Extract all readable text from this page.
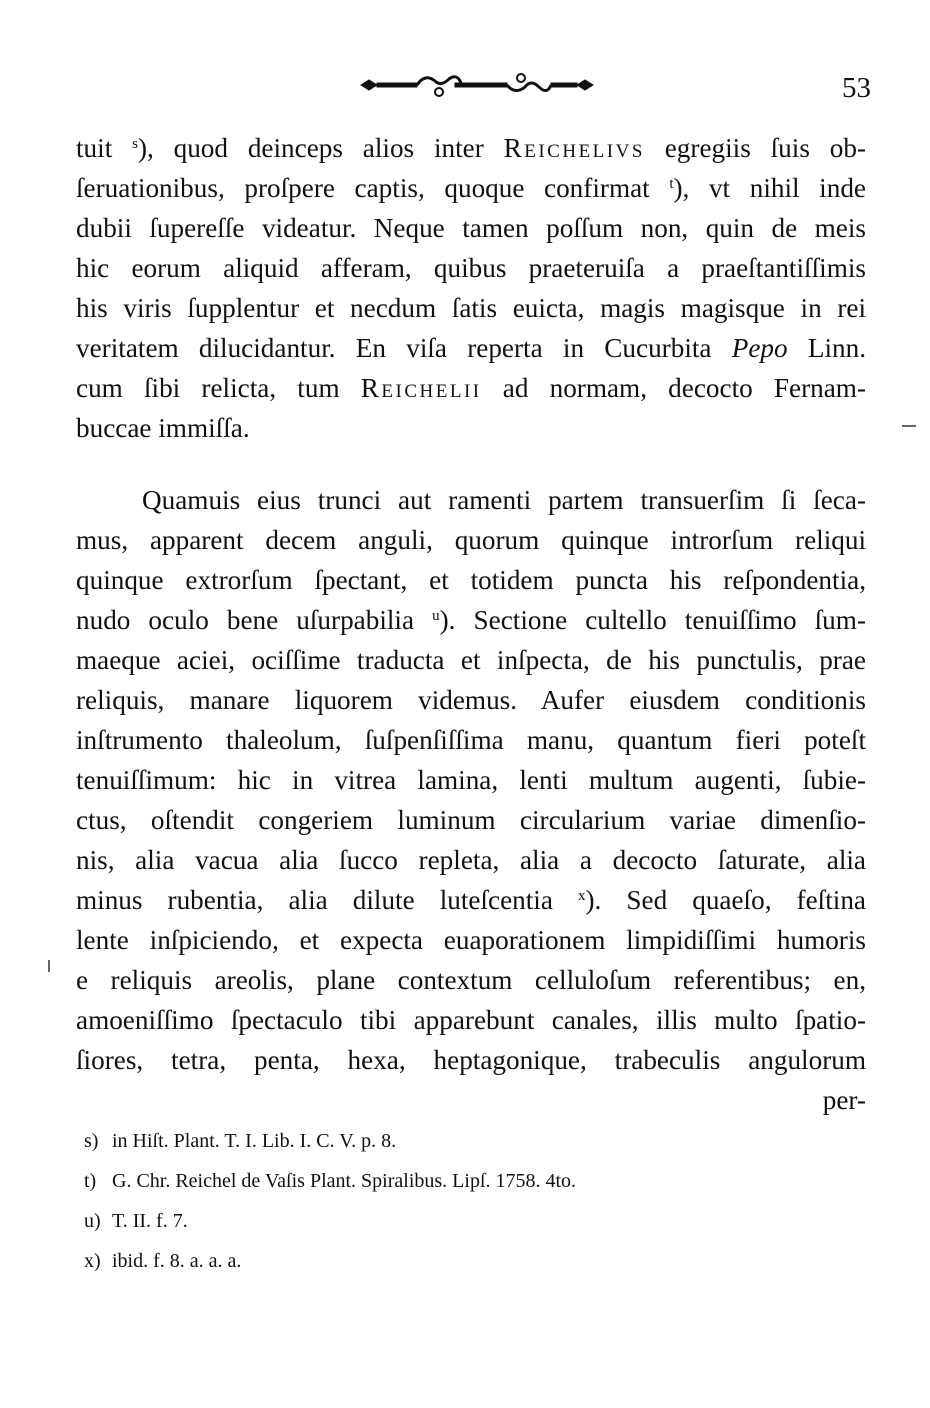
53
tuit $^s$), quod deinceps alios inter Reichelivs egregiis ſuis ob-
ſeruationibus, proſpere captis, quoque confirmat $^t$), vt nihil inde
dubii ſupereſſe videatur. Neque tamen poſſum non, quin de meis
hic eorum aliquid afferam, quibus praeteruiſa a praeſtantiſſimis
his viris ſupplentur et necdum ſatis euicta, magis magisque in rei
veritatem dilucidantur. En viſa reperta in Cucurbita Pepo Linn.
cum ſibi relicta, tum Reichelii ad normam, decocto Fernam-
buccae immiſſa.
Quamuis eius trunci aut ramenti partem transuerſim ſi ſeca-
mus, apparent decem anguli, quorum quinque introrſum reliqui
quinque extrorſum ſpectant, et totidem puncta his reſpondentia,
nudo oculo bene uſurpabilia $^u$). Sectione cultello tenuiſſimo ſum-
maeque aciei, ociſſime traducta et inſpecta, de his punctulis, prae
reliquis, manare liquorem videmus. Aufer eiusdem conditionis
inſtrumento thaleolum, ſuſpenſiſſima manu, quantum fieri poteſt
tenuiſſimum: hic in vitrea lamina, lenti multum augenti, ſubie-
ctus, oſtendit congeriem luminum circularium variae dimenſio-
nis, alia vacua alia ſucco repleta, alia a decocto ſaturate, alia
minus rubentia, alia dilute luteſcentia $^x$). Sed quaeſo, feſtina
lente inſpiciendo, et expecta euaporationem limpidiſſimi humoris
e reliquis areolis, plane contextum celluloſum referentibus; en,
amoeniſſimo ſpectaculo tibi apparebunt canales, illis multo ſpatio-
ſiores, tetra, penta, hexa, heptagonique, trabeculis angulorum
per-
s) in Hiſt. Plant. T. I. Lib. I. C. V. p. 8.
t) G. Chr. Reichel de Vaſis Plant. Spiralibus. Lipſ. 1758. 4to.
u) T. II. f. 7.
x) ibid. f. 8. a. a. a.
